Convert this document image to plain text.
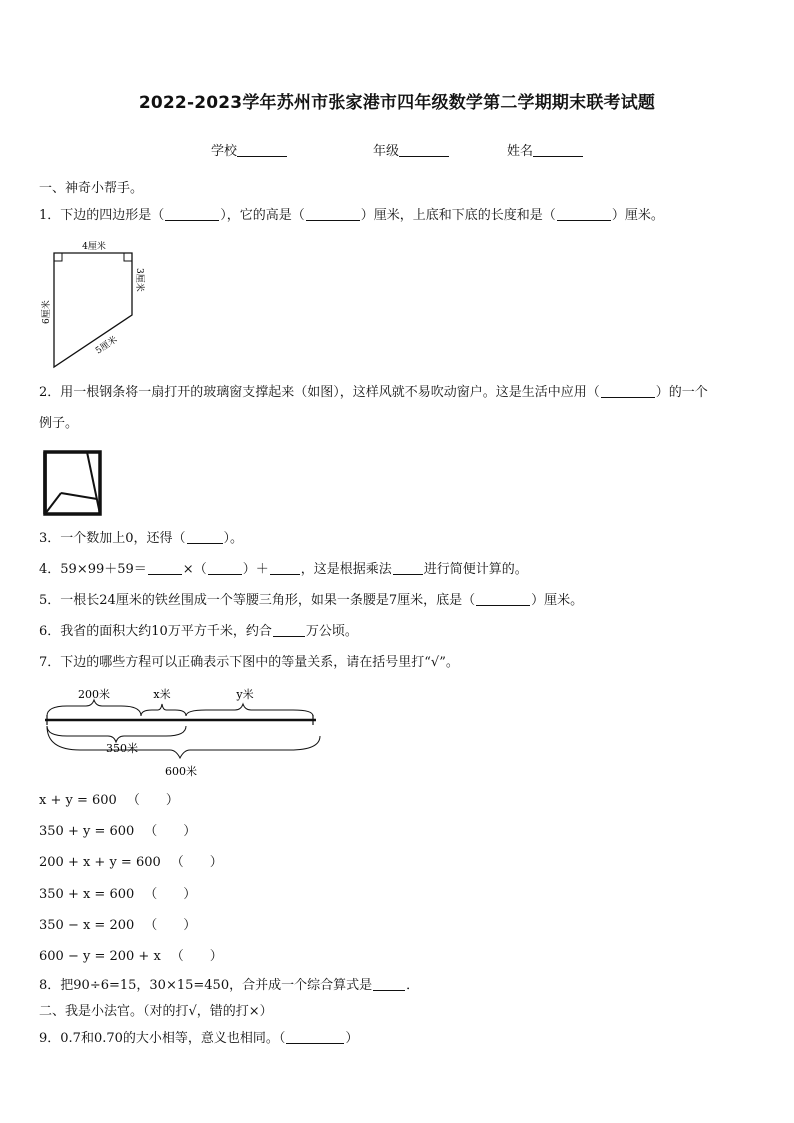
2022-2023学年苏州市张家港市四年级数学第二学期期末联考试题
学校	年级	姓名
一、神奇小帮手。
1．下边的四边形是（	），它的高是（	）厘米，上底和下底的长度和是（	）厘米。
4厘米
3厘米
6厘米
5厘米
2．用一根钢条将一扇打开的玻璃窗支撑起来（如图），这样风就不易吹动窗户。这是生活中应用（	）的一个
例子。
3．一个数加上0，还得（	）。
4．59×99＋59＝	×（	）＋ ，这是根据乘法 进行简便计算的。
5．一根长24厘米的铁丝围成一个等腰三角形，如果一条腰是7厘米，底是（	）厘米。
6．我省的面积大约10万平方千米，约合	万公顷。
7．下边的哪些方程可以正确表示下图中的等量关系，请在括号里打“√”。
200米	x米	y米
350米
600米
x + y = 600 （　　）
350 + y = 600 （　　）
200 + x + y = 600 （　　）
350 + x = 600 （　　）
350 − x = 200 （　　）
600 − y = 200 + x （　　）
8．把90÷6=15，30×15=450，合并成一个综合算式是	．
二、我是小法官。（对的打√，错的打×）
9．0.7和0.70的大小相等，意义也相同。（	）
